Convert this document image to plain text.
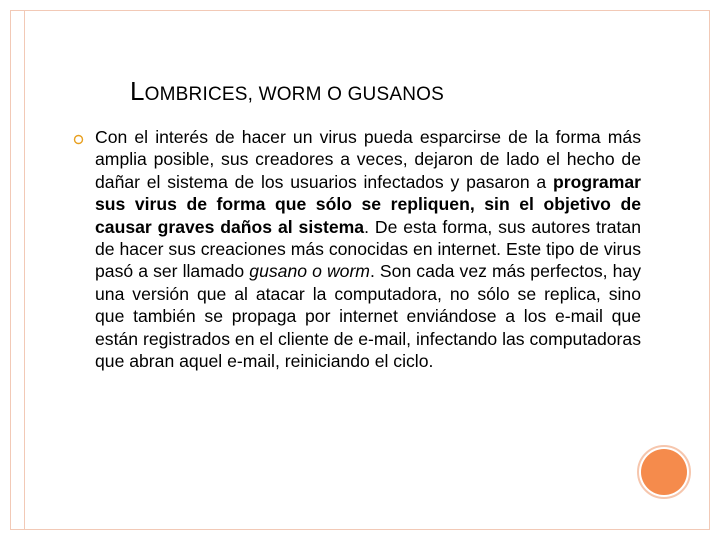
LOMBRICES, WORM O GUSANOS
Con el interés de hacer un virus pueda esparcirse de la forma más amplia posible, sus creadores a veces, dejaron de lado el hecho de dañar el sistema de los usuarios infectados y pasaron a programar sus virus de forma que sólo se repliquen, sin el objetivo de causar graves daños al sistema. De esta forma, sus autores tratan de hacer sus creaciones más conocidas en internet. Este tipo de virus pasó a ser llamado gusano o worm. Son cada vez más perfectos, hay una versión que al atacar la computadora, no sólo se replica, sino que también se propaga por internet enviándose a los e-mail que están registrados en el cliente de e-mail, infectando las computadoras que abran aquel e-mail, reiniciando el ciclo.
